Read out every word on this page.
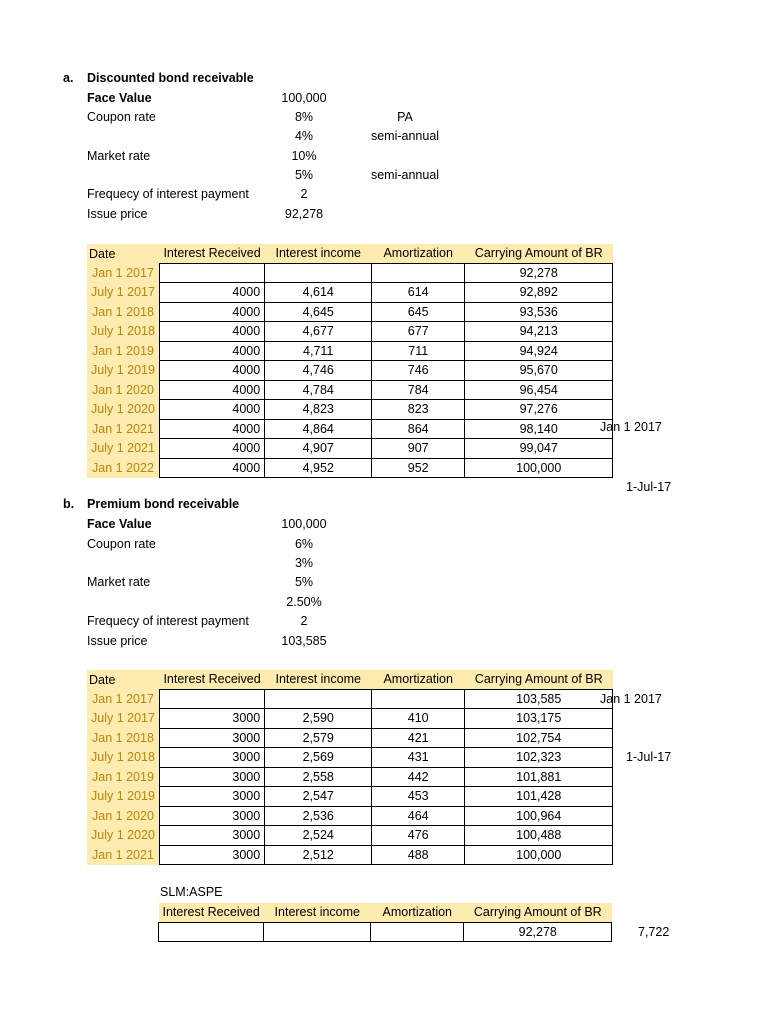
a. Discounted bond receivable
Face Value	100,000
Coupon rate	8%	PA
4%	semi-annual
Market rate	10%
5%	semi-annual
Frequecy of interest payment	2
Issue price	92,278
Date	Interest Received	Interest income	Amortization	Carrying Amount of BR
Jan 1 2017				92,278
July 1 2017	4000	4,614	614	92,892
Jan 1 2018	4000	4,645	645	93,536
July 1 2018	4000	4,677	677	94,213
Jan 1 2019	4000	4,711	711	94,924
July 1 2019	4000	4,746	746	95,670
Jan 1 2020	4000	4,784	784	96,454
July 1 2020	4000	4,823	823	97,276
Jan 1 2021	4000	4,864	864	98,140
July 1 2021	4000	4,907	907	99,047
Jan 1 2022	4000	4,952	952	100,000
Jan 1 2017
1-Jul-17
b. Premium bond receivable
Face Value	100,000
Coupon rate	6%
3%
Market rate	5%
2.50%
Frequecy of interest payment	2
Issue price	103,585
Date	Interest Received	Interest income	Amortization	Carrying Amount of BR
Jan 1 2017				103,585
July 1 2017	3000	2,590	410	103,175
Jan 1 2018	3000	2,579	421	102,754
July 1 2018	3000	2,569	431	102,323
Jan 1 2019	3000	2,558	442	101,881
July 1 2019	3000	2,547	453	101,428
Jan 1 2020	3000	2,536	464	100,964
July 1 2020	3000	2,524	476	100,488
Jan 1 2021	3000	2,512	488	100,000
Jan 1 2017
1-Jul-17
SLM:ASPE
Interest Received	Interest income	Amortization	Carrying Amount of BR
			92,278	7,722
